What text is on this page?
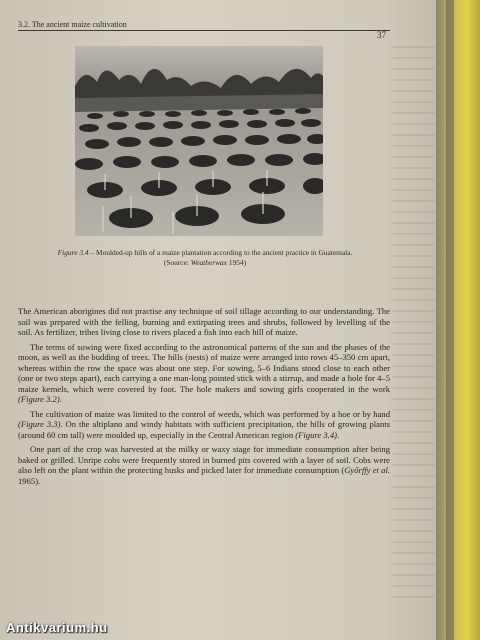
3.2. The ancient maize cultivation
37
Figure 3.4 – Moulded-up hills of a maize plantation according to the ancient practice in Guatemala.
(Source: Weatherwax 1954)

The American aborigines did not practise any technique of soil tillage according to our understanding. The soil was prepared with the felling, burning and extirpating trees and shrubs, followed by levelling of the soil. As fertilizer, tribes living close to rivers placed a fish into each hill of maize.

The terms of sowing were fixed according to the astronomical patterns of the sun and the phases of the moon, as well as the budding of trees. The hills (nests) of maize were arranged into rows 45–350 cm apart, whereas within the row the space was about one step. For sowing, 5–6 Indians stood close to each other (one or two steps apart), each carrying a one man-long pointed stick with a stirrup, and made a hole for 4–5 maize kernels, which were covered by foot. The hole makers and sowing girls cooperated in the work (Figure 3.2).

The cultivation of maize was limited to the control of weeds, which was performed by a hoe or by hand (Figure 3.3). On the altiplano and windy habitats with sufficient precipitation, the hills of growing plants (around 60 cm tall) were moulded up, especially in the Central American region (Figure 3.4).

One part of the crop was harvested at the milky or waxy stage for immediate consumption after being baked or grilled. Unripe cobs were frequently stored in burned pits covered with a layer of soil. Cobs were also left on the plant within the protecting husks and picked later for immediate consumption (Győrffy et al. 1965).

Antikvarium.hu
